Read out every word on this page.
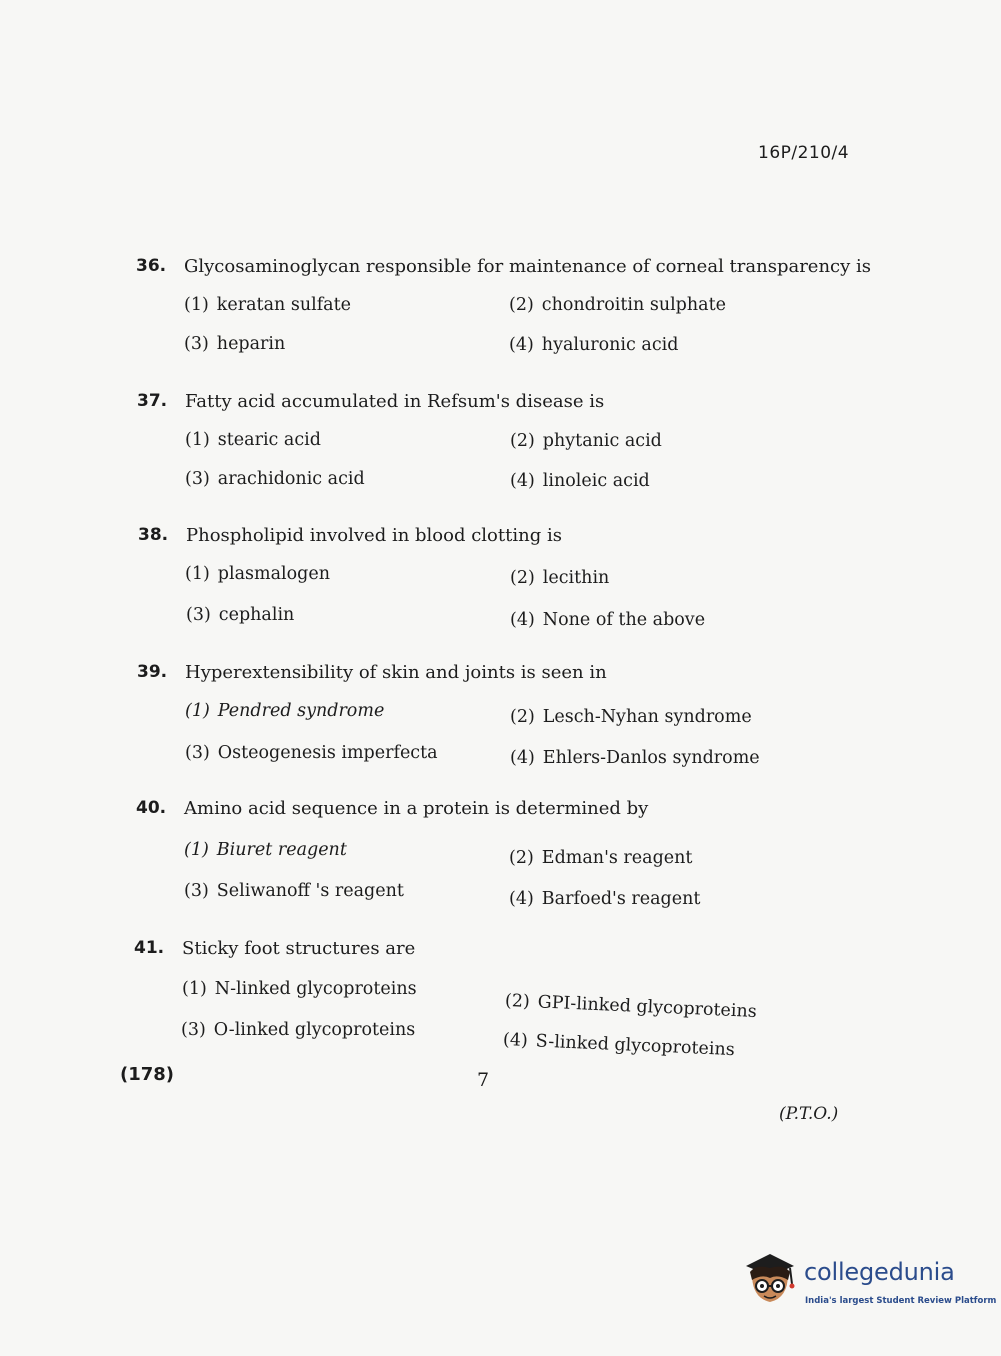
16P/210/4
36. Glycosaminoglycan responsible for maintenance of corneal transparency is
(1) keratan sulfate	(2) chondroitin sulphate
(3) heparin	(4) hyaluronic acid
37. Fatty acid accumulated in Refsum's disease is
(1) stearic acid	(2) phytanic acid
(3) arachidonic acid	(4) linoleic acid
38. Phospholipid involved in blood clotting is
(1) plasmalogen	(2) lecithin
(3) cephalin	(4) None of the above
39. Hyperextensibility of skin and joints is seen in
(1) Pendred syndrome	(2) Lesch-Nyhan syndrome
(3) Osteogenesis imperfecta	(4) Ehlers-Danlos syndrome
40. Amino acid sequence in a protein is determined by
(1) Biuret reagent	(2) Edman's reagent
(3) Seliwanoff 's reagent	(4) Barfoed's reagent
41. Sticky foot structures are
(1) N-linked glycoproteins
(2) GPI-linked glycoproteins
(3) O-linked glycoproteins
(4) S-linked glycoproteins
(178)	7
(P.T.O.)
collegedunia
India's largest Student Review Platform
